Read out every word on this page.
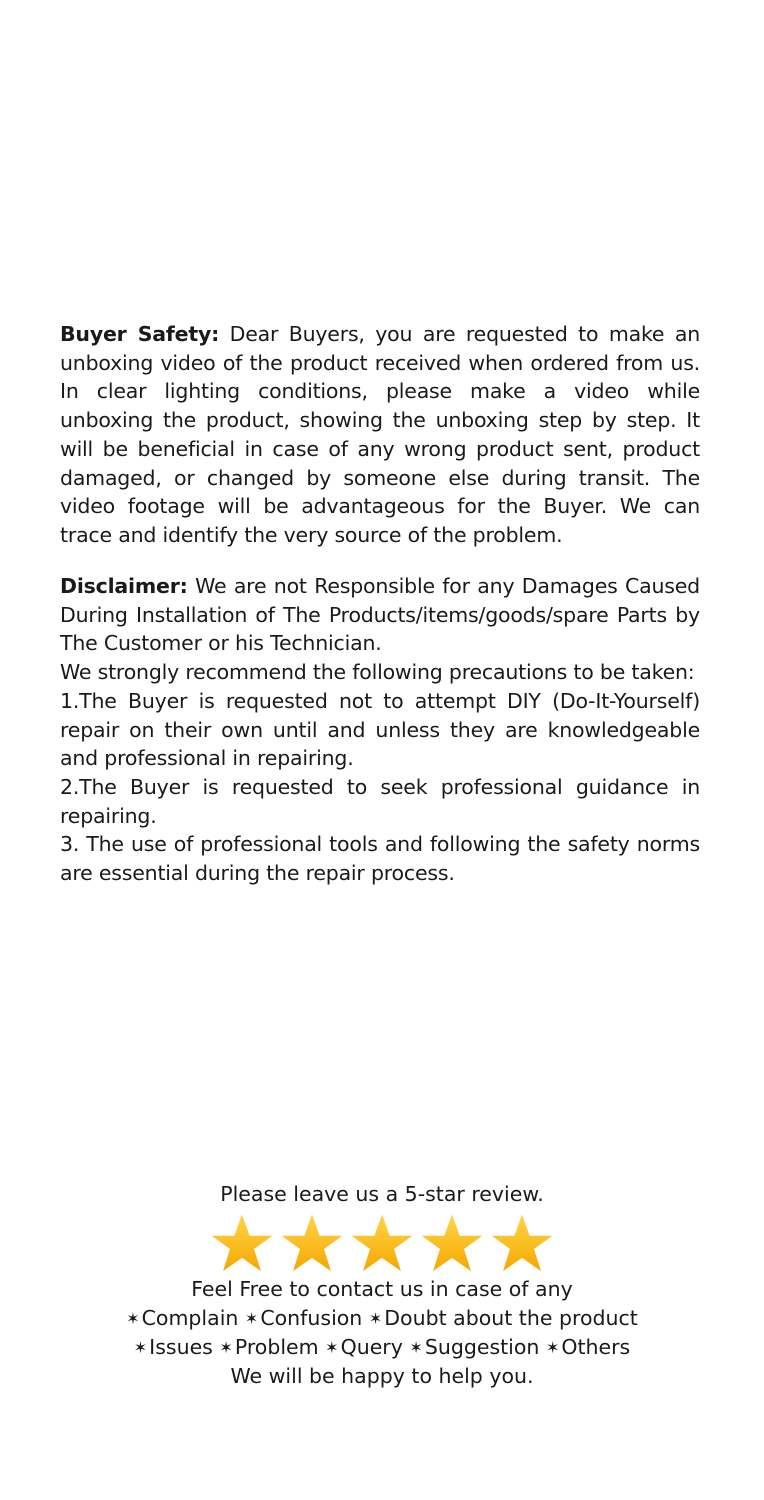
Buyer Safety: Dear Buyers, you are requested to make an unboxing video of the product received when ordered from us. In clear lighting conditions, please make a video while unboxing the product, showing the unboxing step by step. It will be beneficial in case of any wrong product sent, product damaged, or changed by someone else during transit. The video footage will be advantageous for the Buyer. We can trace and identify the very source of the problem.

Disclaimer: We are not Responsible for any Damages Caused During Installation of The Products/items/goods/spare Parts by The Customer or his Technician.

We strongly recommend the following precautions to be taken:

1.The Buyer is requested not to attempt DIY (Do-It-Yourself) repair on their own until and unless they are knowledgeable and professional in repairing.

2.The Buyer is requested to seek professional guidance in repairing.

3. The use of professional tools and following the safety norms are essential during the repair process.

Please leave us a 5-star review.
Feel Free to contact us in case of any
✶Complain ✶Confusion ✶Doubt about the product
✶Issues ✶Problem ✶Query ✶Suggestion ✶Others
We will be happy to help you.
